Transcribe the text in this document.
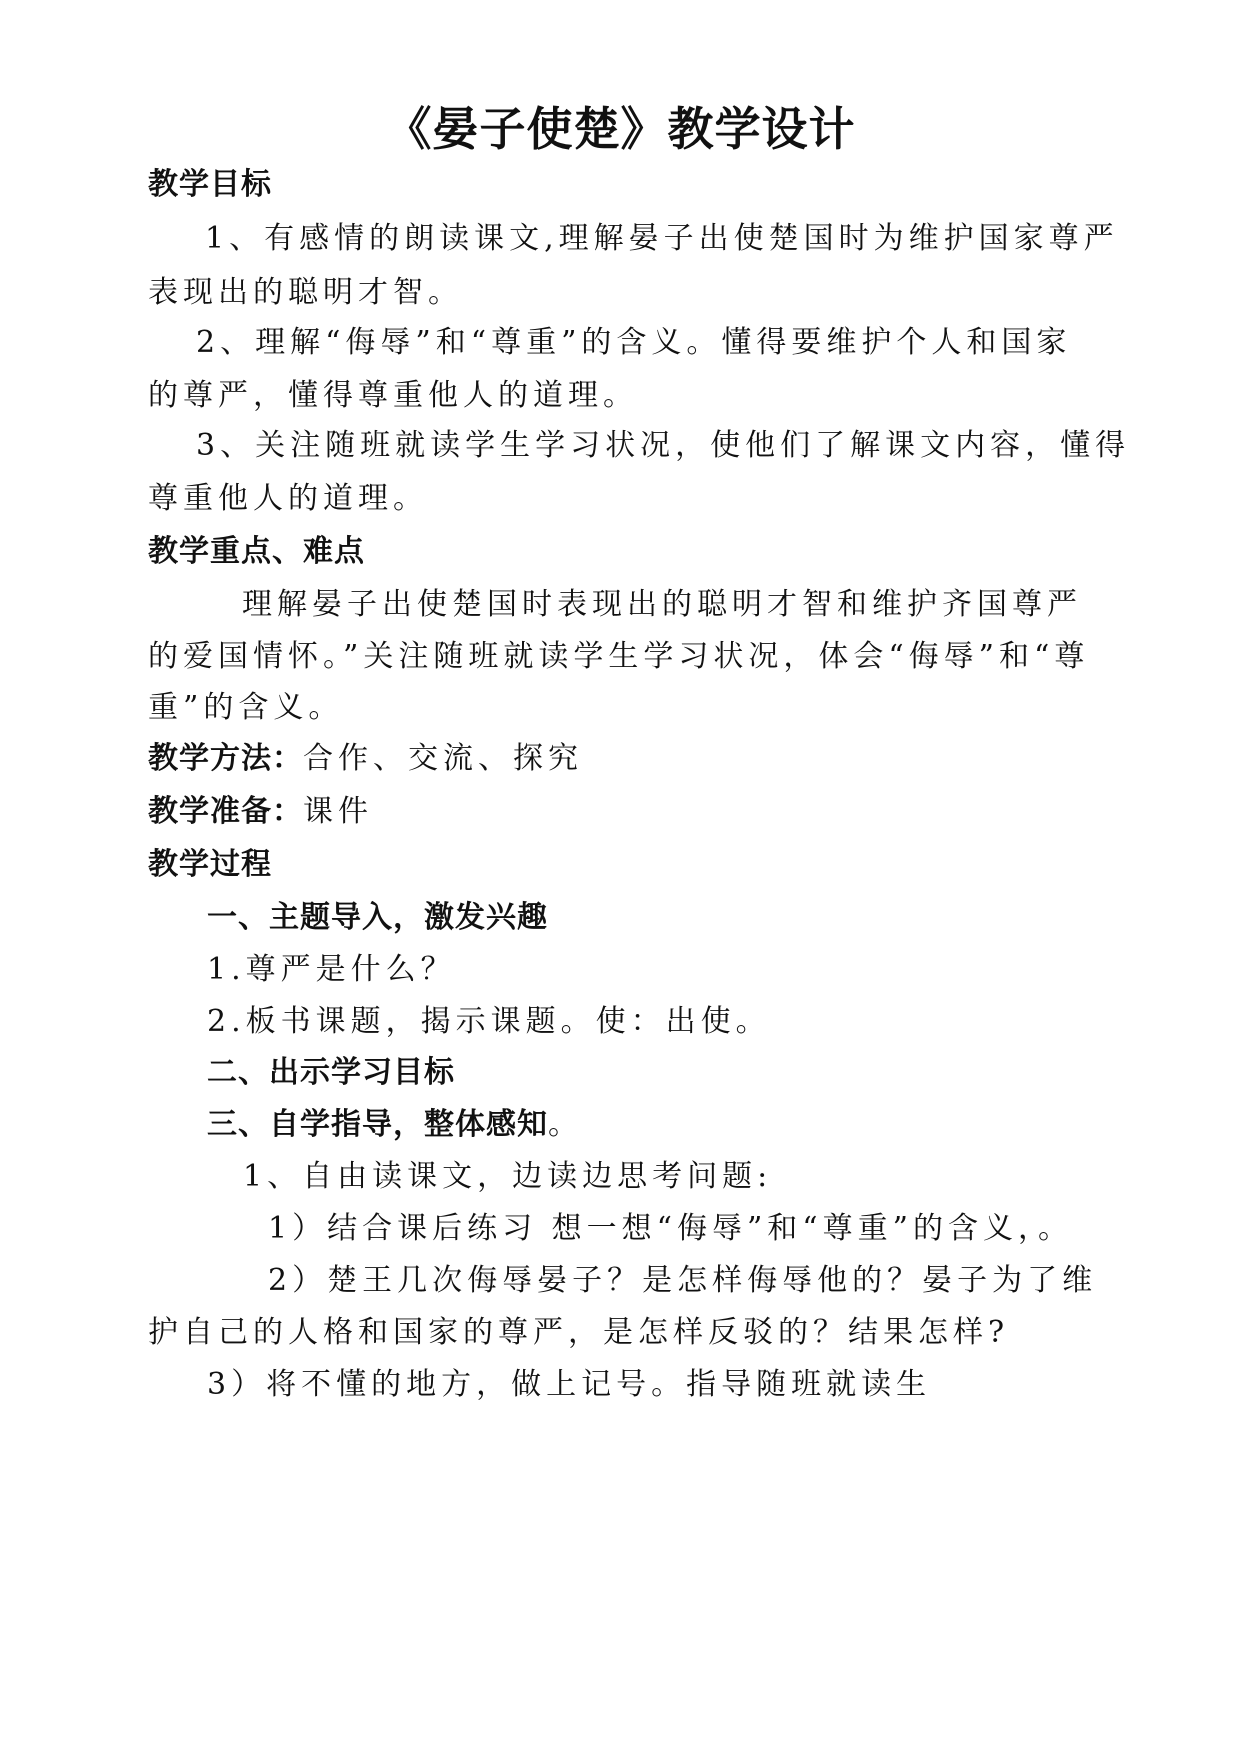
《晏子使楚》教学设计
教学目标
1、有感情的朗读课文,理解晏子出使楚国时为维护国家尊严
表现出的聪明才智。
2、理解“侮辱”和“尊重”的含义。懂得要维护个人和国家
的尊严，懂得尊重他人的道理。
3、关注随班就读学生学习状况，使他们了解课文内容，懂得
尊重他人的道理。
教学重点、难点
理解晏子出使楚国时表现出的聪明才智和维护齐国尊严
的爱国情怀。”关注随班就读学生学习状况，体会“侮辱”和“尊
重”的含义。
教学方法：合作、交流、探究
教学准备：课件
教学过程
一、主题导入，激发兴趣
1.尊严是什么？
2.板书课题，揭示课题。使：出使。
二、出示学习目标
三、自学指导，整体感知。
1、自由读课文，边读边思考问题:
1）结合课后练习 想一想“侮辱”和“尊重”的含义，。
2）楚王几次侮辱晏子？是怎样侮辱他的？晏子为了维
护自己的人格和国家的尊严，是怎样反驳的？结果怎样?
3）将不懂的地方，做上记号。指导随班就读生
